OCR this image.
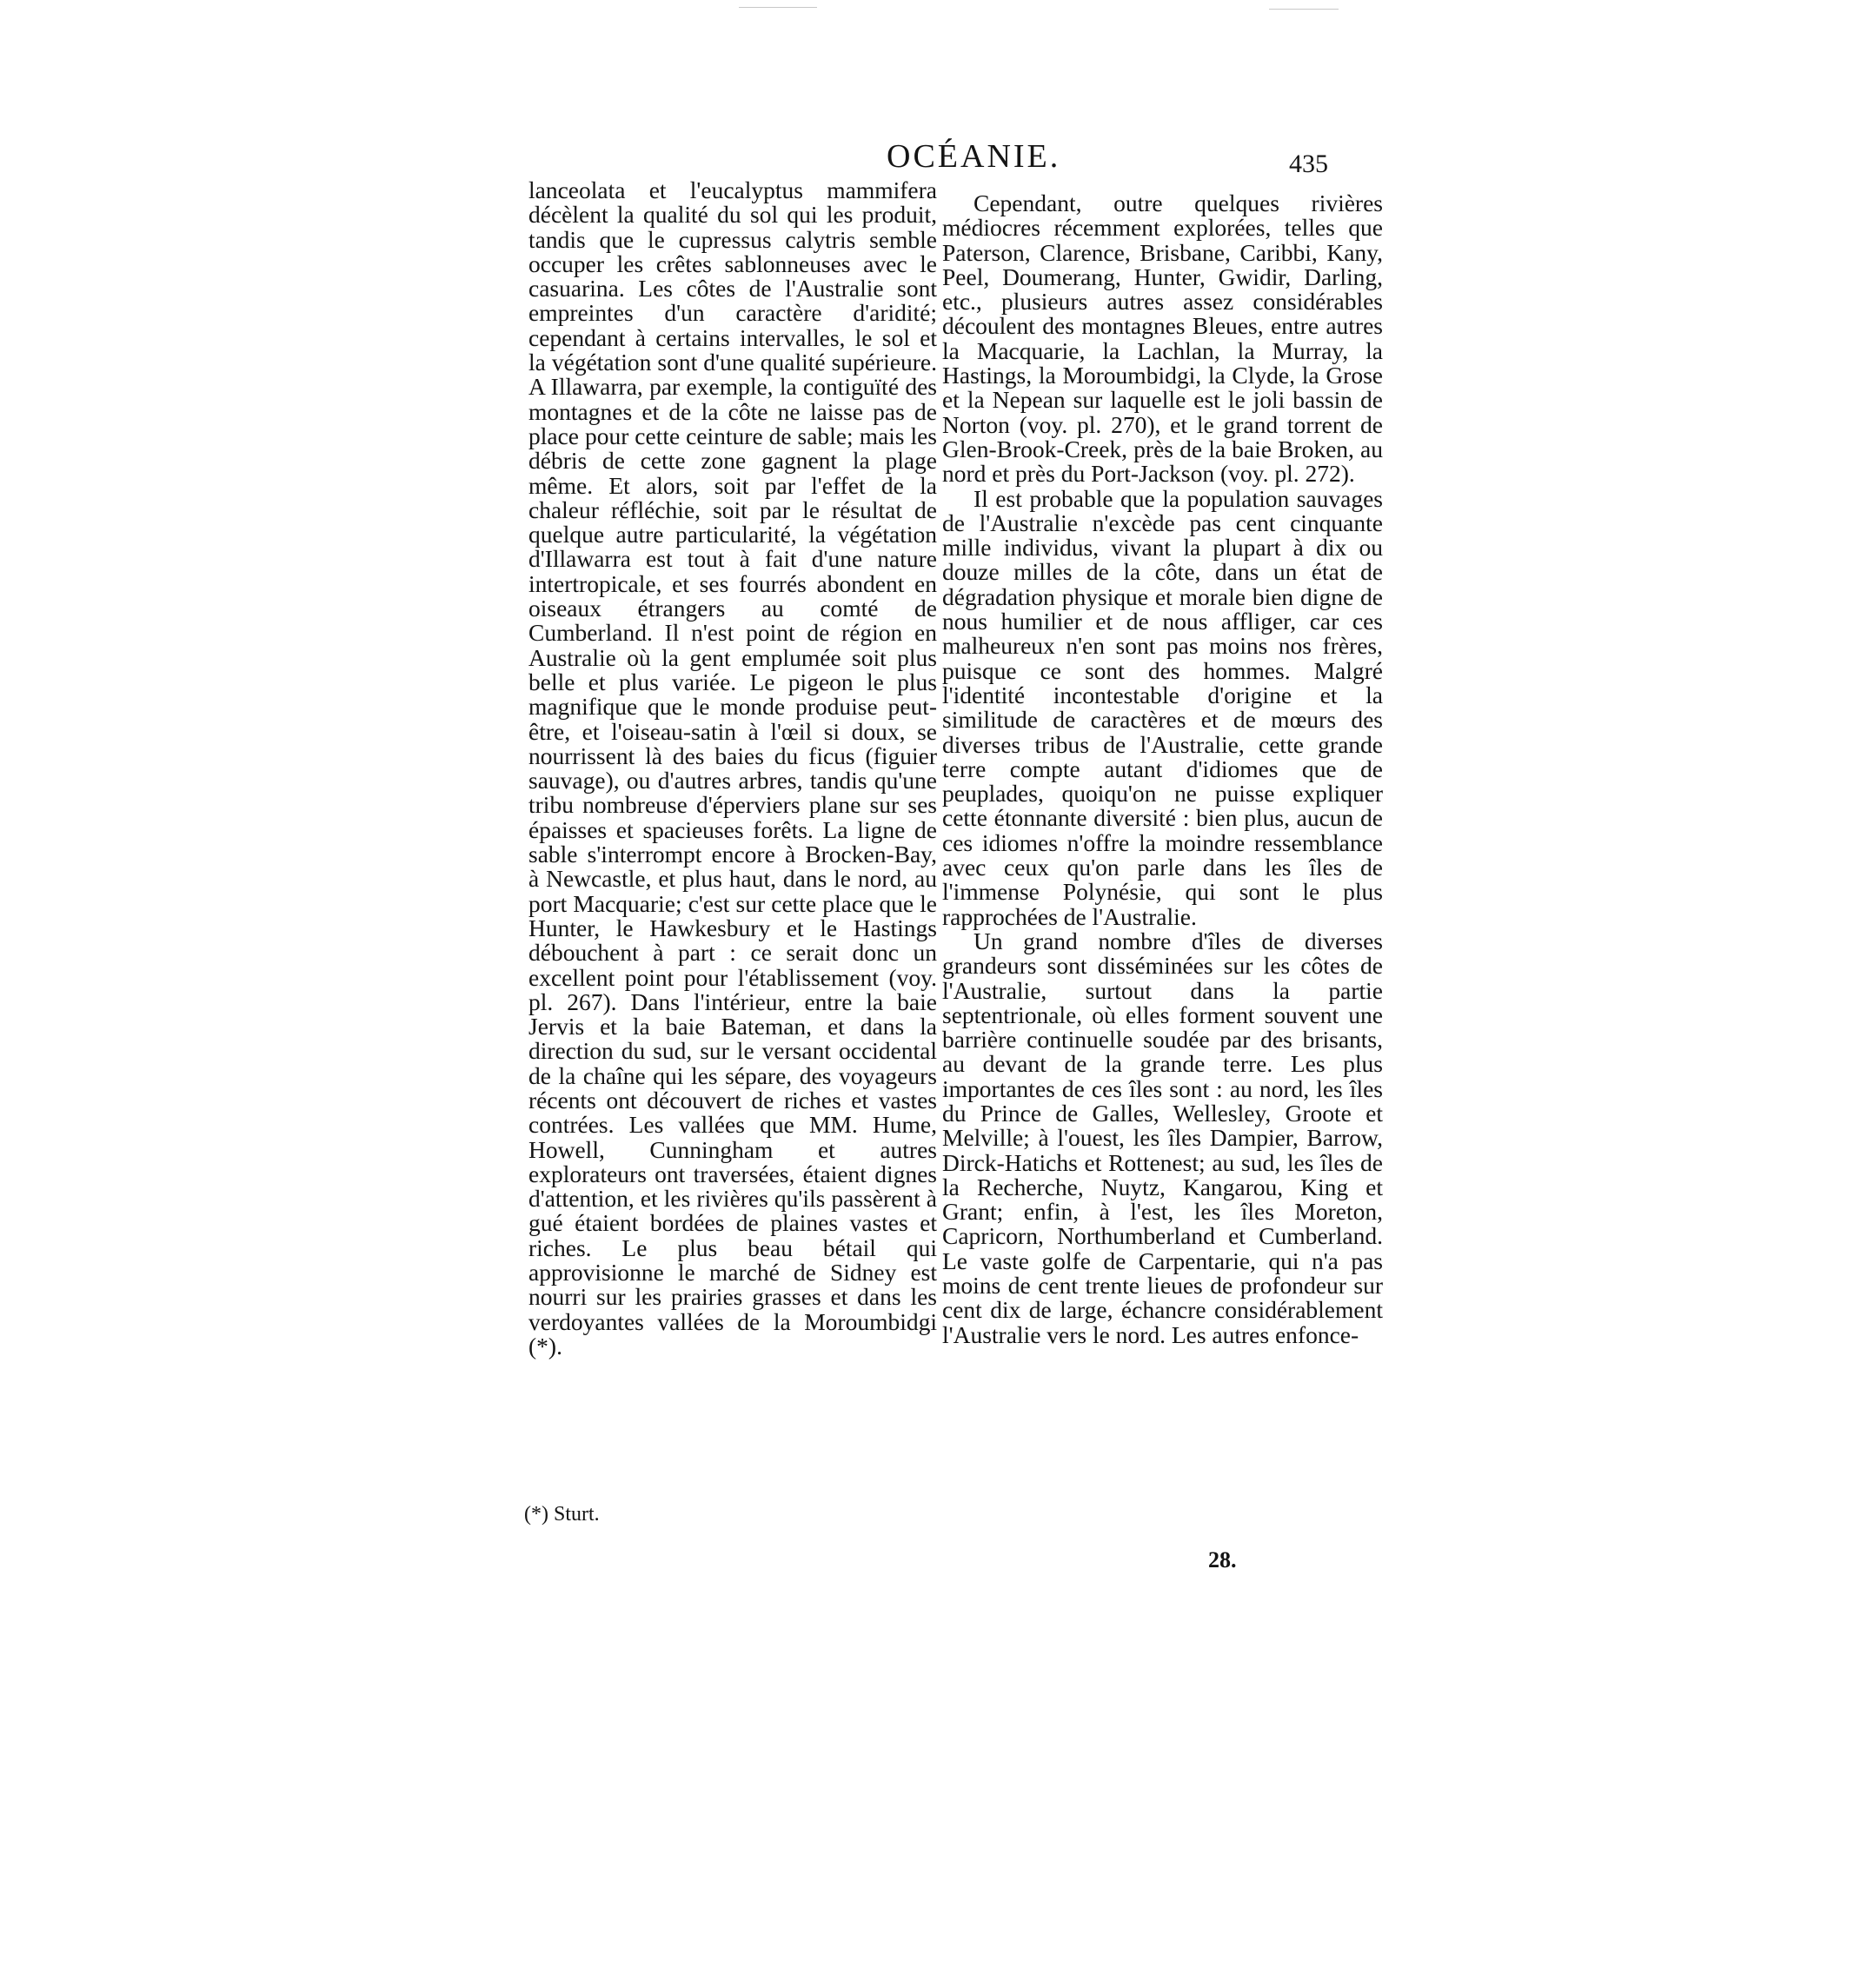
OCÉANIE.	435

lanceolata et l'eucalyptus mammifera décèlent la qualité du sol qui les produit, tandis que le cupressus calytris semble occuper les crêtes sablonneuses avec le casuarina. Les côtes de l'Australie sont empreintes d'un caractère d'aridité; cependant à certains intervalles, le sol et la végétation sont d'une qualité supérieure. A Illawarra, par exemple, la contiguïté des montagnes et de la côte ne laisse pas de place pour cette ceinture de sable; mais les débris de cette zone gagnent la plage même. Et alors, soit par l'effet de la chaleur réfléchie, soit par le résultat de quelque autre particularité, la végétation d'Illawarra est tout à fait d'une nature intertropicale, et ses fourrés abondent en oiseaux étrangers au comté de Cumberland. Il n'est point de région en Australie où la gent emplumée soit plus belle et plus variée. Le pigeon le plus magnifique que le monde produise peut-être, et l'oiseau-satin à l'œil si doux, se nourrissent là des baies du ficus (figuier sauvage), ou d'autres arbres, tandis qu'une tribu nombreuse d'éperviers plane sur ses épaisses et spacieuses forêts. La ligne de sable s'interrompt encore à Brocken-Bay, à Newcastle, et plus haut, dans le nord, au port Macquarie; c'est sur cette place que le Hunter, le Hawkesbury et le Hastings débouchent à part : ce serait donc un excellent point pour l'établissement (voy. pl. 267). Dans l'intérieur, entre la baie Jervis et la baie Bateman, et dans la direction du sud, sur le versant occidental de la chaîne qui les sépare, des voyageurs récents ont découvert de riches et vastes contrées. Les vallées que MM. Hume, Howell, Cunningham et autres explorateurs ont traversées, étaient dignes d'attention, et les rivières qu'ils passèrent à gué étaient bordées de plaines vastes et riches. Le plus beau bétail qui approvisionne le marché de Sidney est nourri sur les prairies grasses et dans les verdoyantes vallées de la Moroumbidgi (*).

Cependant, outre quelques rivières médiocres récemment explorées, telles que Paterson, Clarence, Brisbane, Caribbi, Kany, Peel, Doumerang, Hunter, Gwidir, Darling, etc., plusieurs autres assez considérables découlent des montagnes Bleues, entre autres la Macquarie, la Lachlan, la Murray, la Hastings, la Moroumbidgi, la Clyde, la Grose et la Nepean sur laquelle est le joli bassin de Norton (voy. pl. 270), et le grand torrent de Glen-Brook-Creek, près de la baie Broken, au nord et près du Port-Jackson (voy. pl. 272).

Il est probable que la population sauvages de l'Australie n'excède pas cent cinquante mille individus, vivant la plupart à dix ou douze milles de la côte, dans un état de dégradation physique et morale bien digne de nous humilier et de nous affliger, car ces malheureux n'en sont pas moins nos frères, puisque ce sont des hommes. Malgré l'identité incontestable d'origine et la similitude de caractères et de mœurs des diverses tribus de l'Australie, cette grande terre compte autant d'idiomes que de peuplades, quoiqu'on ne puisse expliquer cette étonnante diversité : bien plus, aucun de ces idiomes n'offre la moindre ressemblance avec ceux qu'on parle dans les îles de l'immense Polynésie, qui sont le plus rapprochées de l'Australie.

Un grand nombre d'îles de diverses grandeurs sont disséminées sur les côtes de l'Australie, surtout dans la partie septentrionale, où elles forment souvent une barrière continuelle soudée par des brisants, au devant de la grande terre. Les plus importantes de ces îles sont : au nord, les îles du Prince de Galles, Wellesley, Groote et Melville; à l'ouest, les îles Dampier, Barrow, Dirck-Hatichs et Rottenest; au sud, les îles de la Recherche, Nuytz, Kangarou, King et Grant; enfin, à l'est, les îles Moreton, Capricorn, Northumberland et Cumberland. Le vaste golfe de Carpentarie, qui n'a pas moins de cent trente lieues de profondeur sur cent dix de large, échancre considérablement l'Australie vers le nord. Les autres enfonce-

(*) Sturt.
28.
